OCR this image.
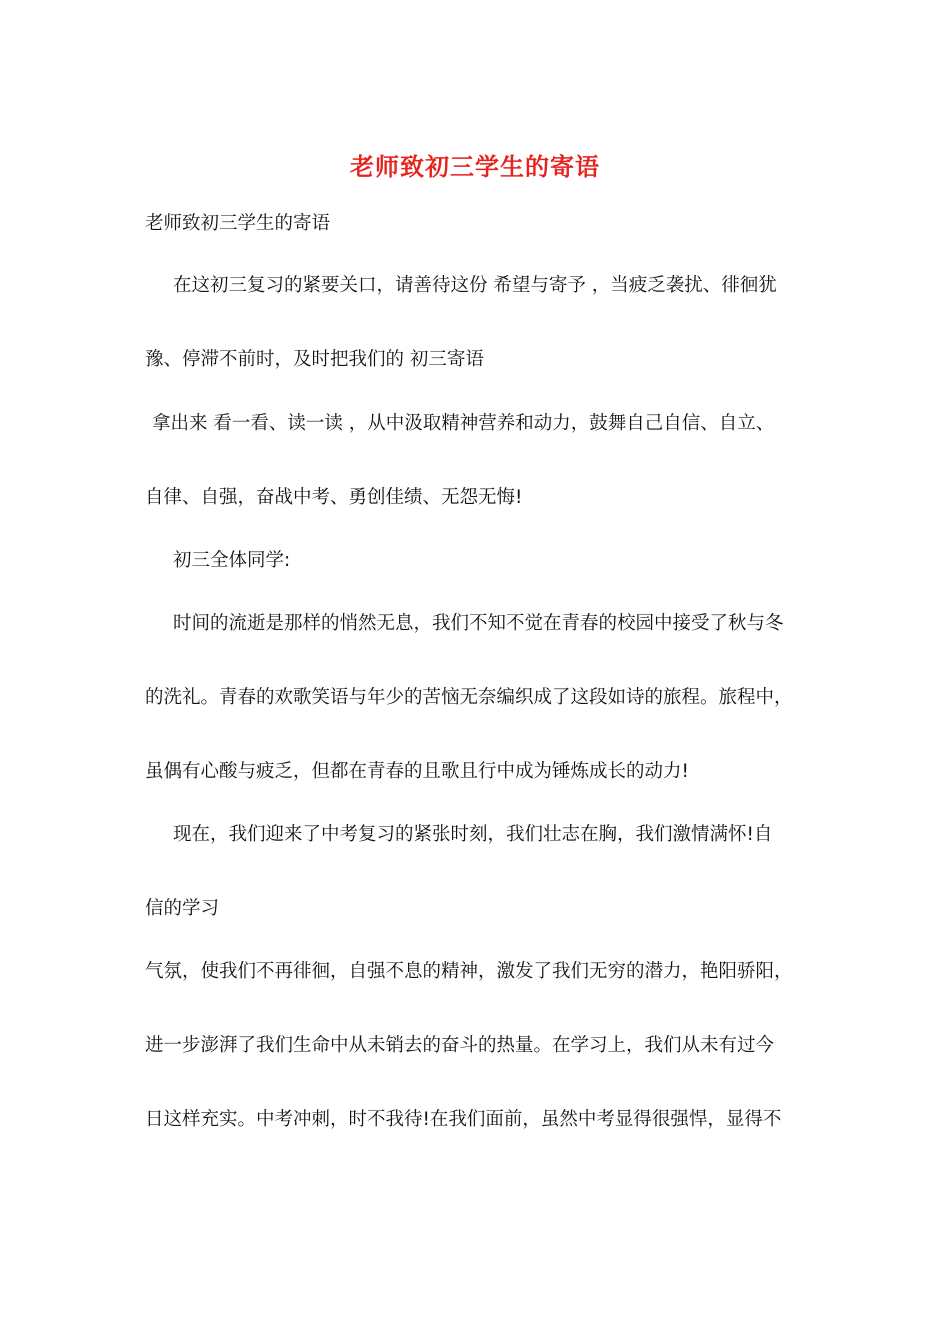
老师致初三学生的寄语
老师致初三学生的寄语
在这初三复习的紧要关口，请善待这份 希望与寄予 ，当疲乏袭扰、徘徊犹
豫、停滞不前时，及时把我们的 初三寄语
拿出来 看一看、读一读 ，从中汲取精神营养和动力，鼓舞自己自信、自立、
自律、自强，奋战中考、勇创佳绩、无怨无悔!
初三全体同学:
时间的流逝是那样的悄然无息，我们不知不觉在青春的校园中接受了秋与冬
的洗礼。青春的欢歌笑语与年少的苦恼无奈编织成了这段如诗的旅程。旅程中，
虽偶有心酸与疲乏，但都在青春的且歌且行中成为锤炼成长的动力!
现在，我们迎来了中考复习的紧张时刻，我们壮志在胸，我们激情满怀!自
信的学习
气氛，使我们不再徘徊，自强不息的精神，激发了我们无穷的潜力，艳阳骄阳，
进一步澎湃了我们生命中从未销去的奋斗的热量。在学习上，我们从未有过今
日这样充实。中考冲刺，时不我待!在我们面前，虽然中考显得很强悍，显得不
